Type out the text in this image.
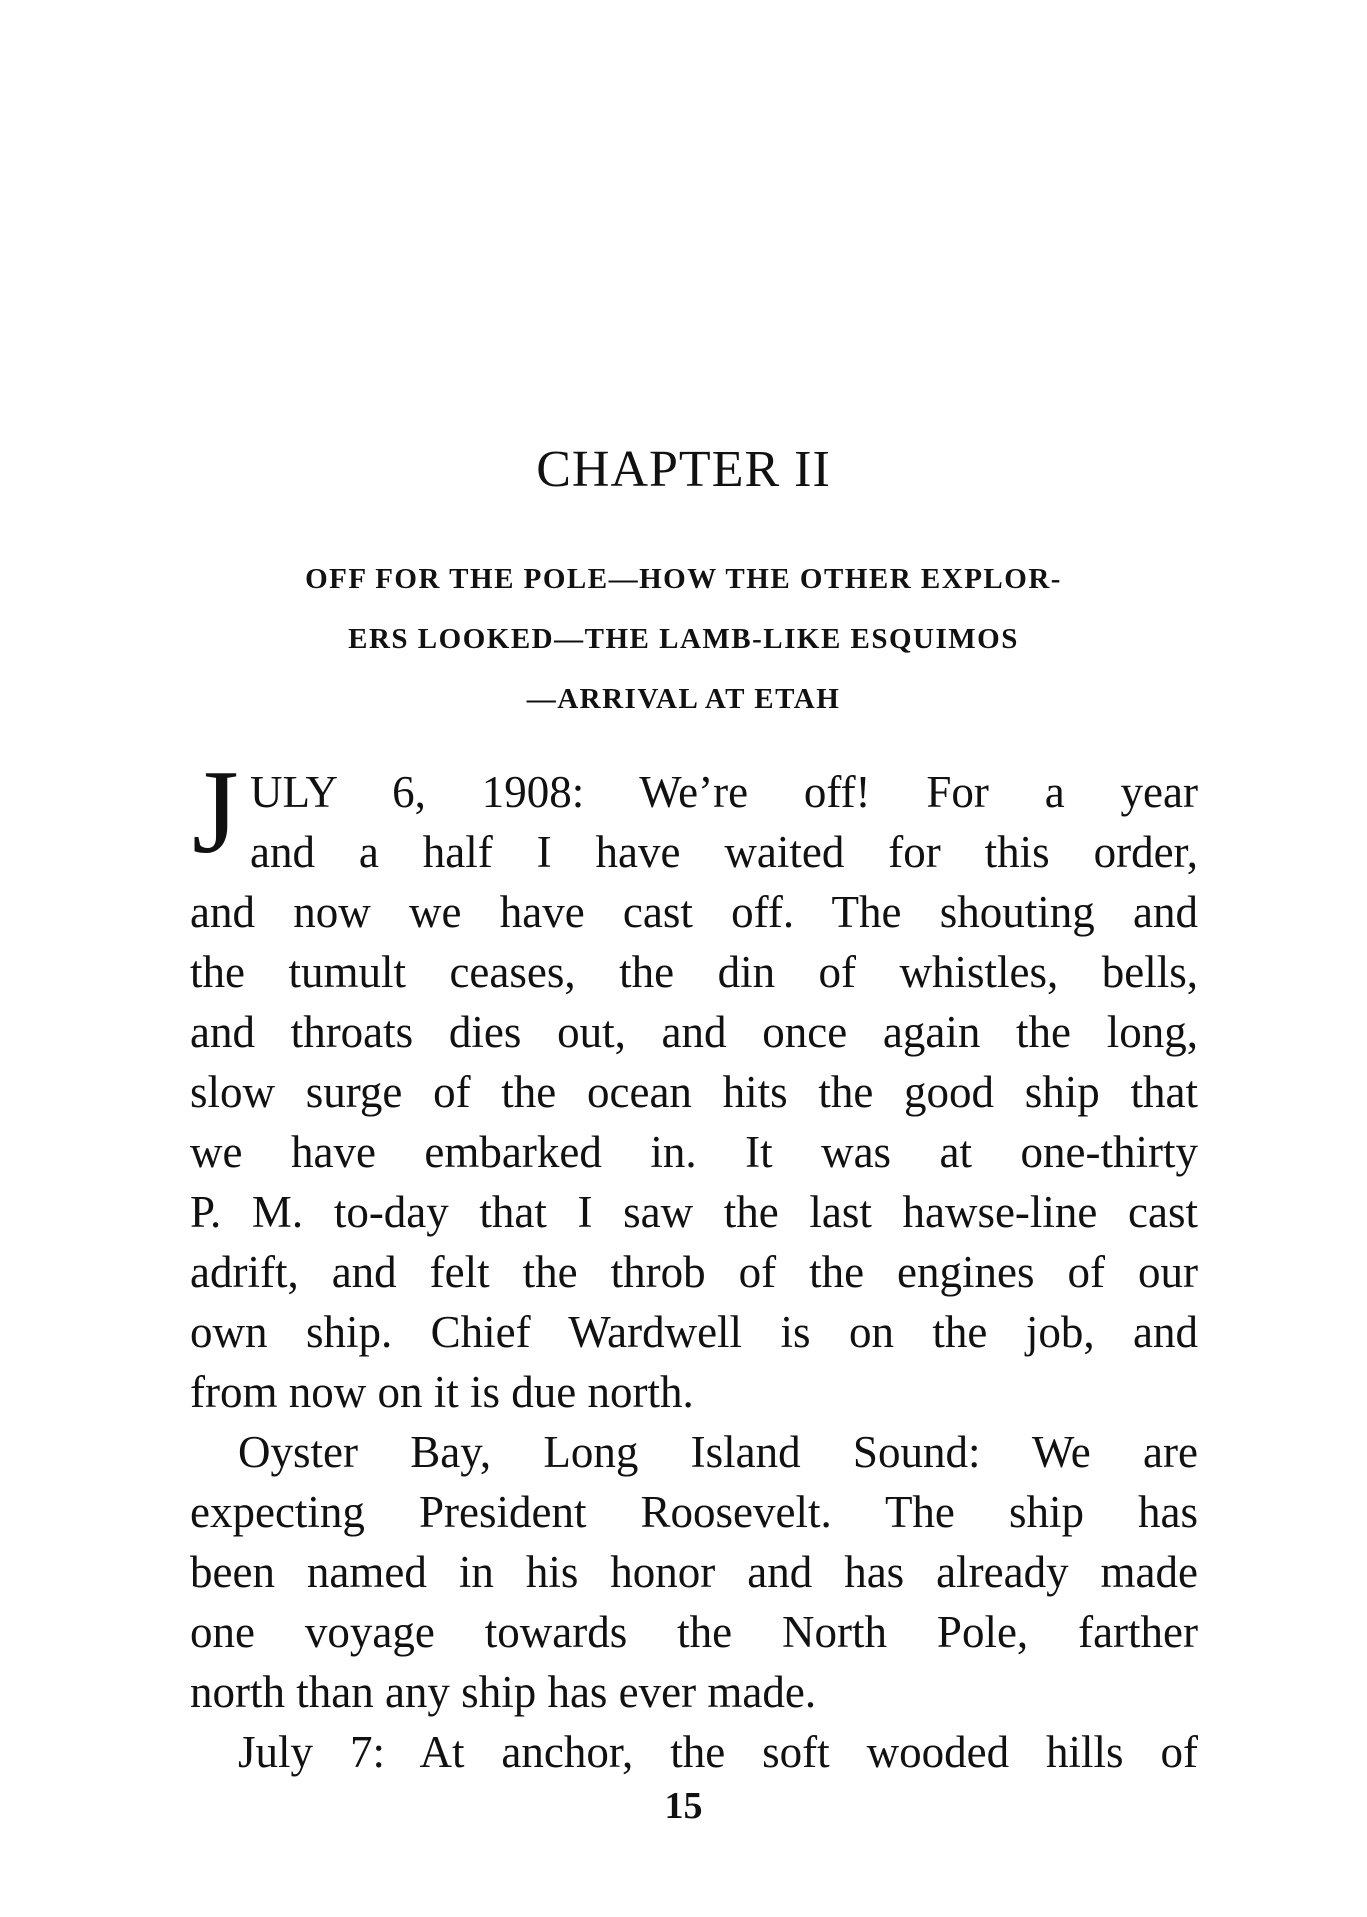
CHAPTER II

OFF FOR THE POLE—HOW THE OTHER EXPLOR-

ERS LOOKED—THE LAMB-LIKE ESQUIMOS

—ARRIVAL AT ETAH

J ULY 6, 1908: We’re off! For a year
and a half I have waited for this order,
and now we have cast off. The shouting and
the tumult ceases, the din of whistles, bells,
and throats dies out, and once again the long,
slow surge of the ocean hits the good ship that
we have embarked in. It was at one-thirty
P. M. to-day that I saw the last hawse-line cast
adrift, and felt the throb of the engines of our
own ship. Chief Wardwell is on the job, and
from now on it is due north.
Oyster Bay, Long Island Sound: We are
expecting President Roosevelt. The ship has
been named in his honor and has already made
one voyage towards the North Pole, farther
north than any ship has ever made.
July 7: At anchor, the soft wooded hills of
15
